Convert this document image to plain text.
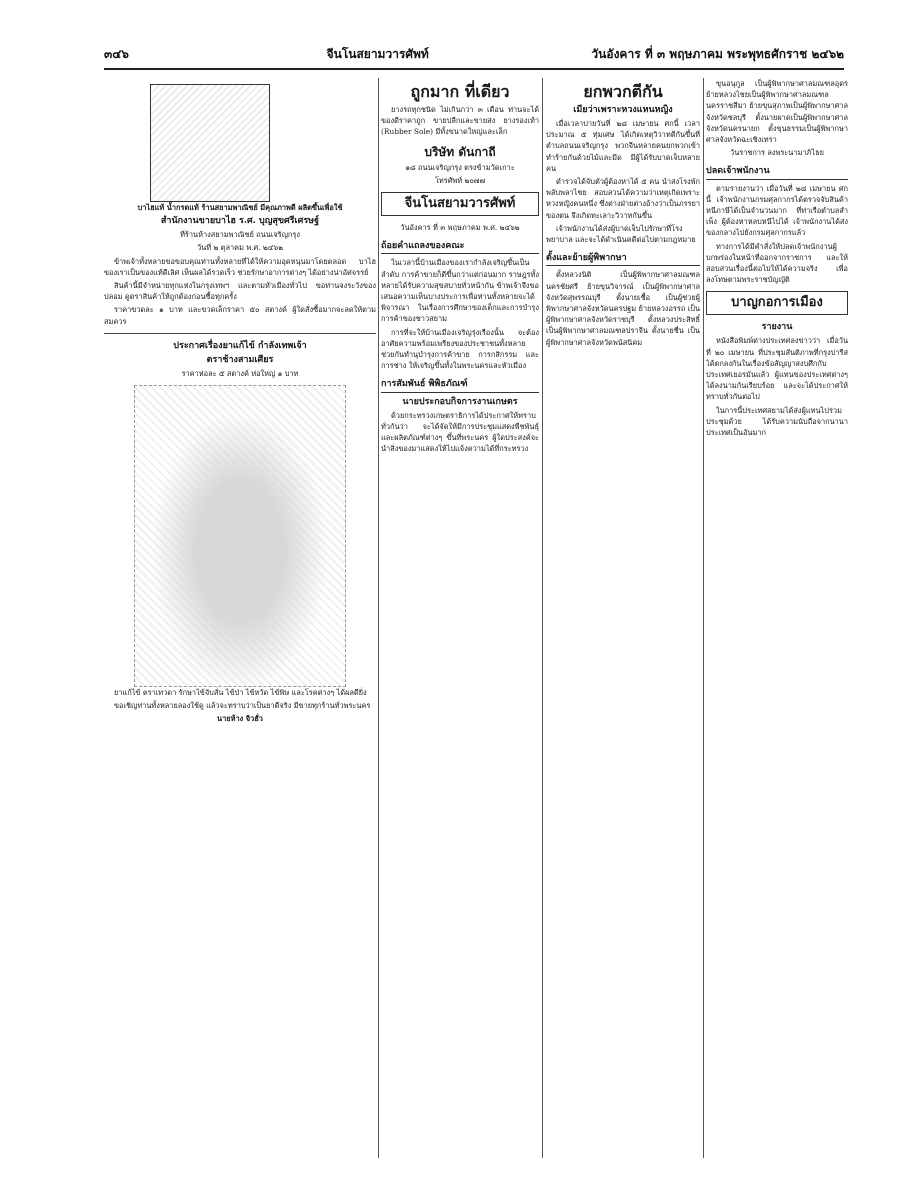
๓๔๖	จีนโนสยามวารศัพท์	วันอังคาร ที่ ๓ พฤษภาคม พระพุทธศักราช ๒๔๖๒

บาไฮแท้ น้ำกรดแท้ ร้านสยามพาณิชย์ มีคุณภาพดี ผลิตขึ้นเพื่อใช้

สำนักงานขายบาไฮ ร.ศ. บุญสุขศรีเศรษฐ์

ที่ร้านห้างสยามพาณิชย์ ถนนเจริญกรุง

วันที่ ๒ ตุลาคม พ.ศ. ๒๔๖๒

ข้าพเจ้าทั้งหลายขอขอบคุณท่านทั้งหลายที่ได้ให้ความอุดหนุนมาโดยตลอด บาไฮของเราเป็นของแท้ดีเลิศ เห็นผลได้รวดเร็ว ช่วยรักษาอาการต่างๆ ได้อย่างน่าอัศจรรย์

สินค้านี้มีจำหน่ายทุกแห่งในกรุงเทพฯ และตามหัวเมืองทั่วไป ขอท่านจงระวังของปลอม ดูตราสินค้าให้ถูกต้องก่อนซื้อทุกครั้ง

ราคาขวดละ ๑ บาท และขวดเล็กราคา ๕๐ สตางค์ ผู้ใดสั่งซื้อมากจะลดให้ตามสมควร

ประกาศเรื่องยาแก้ไข้ กำลังเทพเจ้า
ตราช้างสามเศียร

ราคาห่อละ ๕ สตางค์ ห่อใหญ่ ๑ บาท

ยาแก้ไข้ ตราเทวดา รักษาไข้จับสั่น ไข้ป่า ไข้หวัด ไข้พิษ และโรคต่างๆ ได้ผลดียิ่ง

ขอเชิญท่านทั้งหลายลองใช้ดู แล้วจะทราบว่าเป็นยาดีจริง มีขายทุกร้านทั่วพระนคร

นายห้าง จิวฮั่ว

ถูกมาก ที่เดียว

ยางรถทุกชนิด ไม่เกินกว่า ๓ เดือน ท่านจะได้ของดีราคาถูก ขายปลีกและขายส่ง ยางรองเท้า (Rubber Sole) มีทั้งขนาดใหญ่และเล็ก

บริษัท ดันกาถี

๑๘ ถนนเจริญกรุง ตรงข้ามวัดเกาะ

โทรศัพท์ ๒๐๗๗

จีนโนสยามวารศัพท์

วันอังคาร ที่ ๓ พฤษภาคม พ.ศ. ๒๔๖๒

ถ้อยคำแถลงของคณะ

ในเวลานี้บ้านเมืองของเรากำลังเจริญขึ้นเป็นลำดับ การค้าขายก็ดีขึ้นกว่าแต่ก่อนมาก ราษฎรทั้งหลายได้รับความสุขสบายทั่วหน้ากัน ข้าพเจ้าจึงขอเสนอความเห็นบางประการเพื่อท่านทั้งหลายจะได้พิจารณา ในเรื่องการศึกษาของเด็กและการบำรุงการค้าของชาวสยาม

การที่จะให้บ้านเมืองเจริญรุ่งเรืองนั้น จะต้องอาศัยความพร้อมเพรียงของประชาชนทั้งหลาย ช่วยกันทำนุบำรุงการค้าขาย การกสิกรรม และการช่าง ให้เจริญขึ้นทั้งในพระนครและหัวเมือง

การสัมพันธ์ พิพิธภัณฑ์
นายประกอบกิจการงานเกษตร

ด้วยกระทรวงเกษตราธิการได้ประกาศให้ทราบทั่วกันว่า จะได้จัดให้มีการประชุมแสดงพืชพันธุ์และผลิตภัณฑ์ต่างๆ ขึ้นที่พระนคร ผู้ใดประสงค์จะนำสิ่งของมาแสดงให้ไปแจ้งความได้ที่กระทรวง

ยกพวกตีกัน
เมียว่าเพราะหวงแหนหญิง

เมื่อเวลาบ่ายวันที่ ๒๘ เมษายน ศกนี้ เวลาประมาณ ๕ ทุ่มเศษ ได้เกิดเหตุวิวาทตีกันขึ้นที่ตำบลถนนเจริญกรุง พวกจีนหลายคนยกพวกเข้าทำร้ายกันด้วยไม้และมีด มีผู้ได้รับบาดเจ็บหลายคน

ตำรวจได้จับตัวผู้ต้องหาได้ ๕ คน นำส่งโรงพักพลับพลาไชย สอบสวนได้ความว่าเหตุเกิดเพราะหวงหญิงคนหนึ่ง ซึ่งต่างฝ่ายต่างอ้างว่าเป็นภรรยาของตน จึงเกิดทะเลาะวิวาทกันขึ้น

เจ้าพนักงานได้ส่งผู้บาดเจ็บไปรักษาที่โรงพยาบาล และจะได้ดำเนินคดีต่อไปตามกฎหมาย

ตั้งและย้ายผู้พิพากษา

ตั้งหลวงนิติ เป็นผู้พิพากษาศาลมณฑลนครชัยศรี ย้ายขุนวิจารณ์ เป็นผู้พิพากษาศาลจังหวัดสุพรรณบุรี ตั้งนายเชื้อ เป็นผู้ช่วยผู้พิพากษาศาลจังหวัดนครปฐม ย้ายหลวงอรรถ เป็นผู้พิพากษาศาลจังหวัดราชบุรี ตั้งหลวงประสิทธิ์ เป็นผู้พิพากษาศาลมณฑลปราจีน ตั้งนายชื่น เป็นผู้พิพากษาศาลจังหวัดพนัสนิคม

ขุนอนุกูล เป็นผู้พิพากษาศาลมณฑลอุดร ย้ายหลวงไชยเป็นผู้พิพากษาศาลมณฑลนครราชสีมา ย้ายขุนสุภาพเป็นผู้พิพากษาศาลจังหวัดชลบุรี ตั้งนายผาดเป็นผู้พิพากษาศาลจังหวัดนครนายก ตั้งขุนธรรมเป็นผู้พิพากษาศาลจังหวัดฉะเชิงเทรา

วันราชการ ลงพระนามาภิไธย

ปลดเจ้าพนักงาน

ตามรายงานว่า เมื่อวันที่ ๒๘ เมษายน ศกนี้ เจ้าพนักงานกรมศุลกากรได้ตรวจจับสินค้าหนีภาษีได้เป็นจำนวนมาก ที่ท่าเรือตำบลสำเพ็ง ผู้ต้องหาหลบหนีไปได้ เจ้าพนักงานได้ส่งของกลางไปยังกรมศุลกากรแล้ว

ทางการได้มีคำสั่งให้ปลดเจ้าพนักงานผู้บกพร่องในหน้าที่ออกจากราชการ และให้สอบสวนเรื่องนี้ต่อไปให้ได้ความจริง เพื่อลงโทษตามพระราชบัญญัติ

บาญกอการเมือง
รายงาน

หนังสือพิมพ์ต่างประเทศลงข่าวว่า เมื่อวันที่ ๒๐ เมษายน ที่ประชุมสันติภาพที่กรุงปารีส ได้ตกลงกันในเรื่องข้อสัญญาสงบศึกกับประเทศเยอรมันแล้ว ผู้แทนของประเทศต่างๆ ได้ลงนามกันเรียบร้อย และจะได้ประกาศให้ทราบทั่วกันต่อไป

ในการนี้ประเทศสยามได้ส่งผู้แทนไปร่วมประชุมด้วย ได้รับความนับถือจากนานาประเทศเป็นอันมาก
